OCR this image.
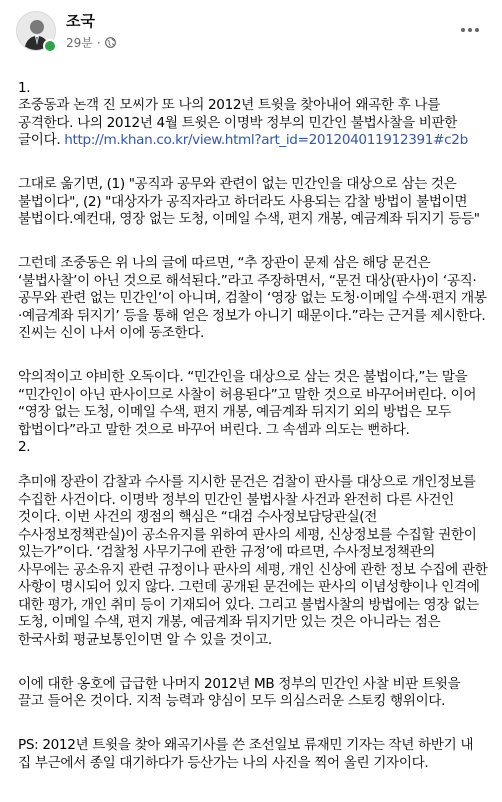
조국
29분 ·

1.
조중동과 논객 진 모씨가 또 나의 2012년 트윗을 찾아내어 왜곡한 후 나를 공격한다. 나의 2012년 4월 트윗은 이명박 정부의 민간인 불법사찰을 비판한 글이다. http://m.khan.co.kr/view.html?art_id=201204011912391#c2b

그대로 옮기면, (1) "공직과 공무와 관련이 없는 민간인을 대상으로 삼는 것은 불법이다", (2) "대상자가 공직자라고 하더라도 사용되는 감찰 방법이 불법이면 불법이다.예컨대, 영장 없는 도청, 이메일 수색, 편지 개봉, 예금계좌 뒤지기 등등"

그런데 조중동은 위 나의 글에 따르면, “추 장관이 문제 삼은 해당 문건은 ‘불법사찰’이 아닌 것으로 해석된다.”라고 주장하면서, “문건 대상(판사)이 ‘공직·공무와 관련 없는 민간인’이 아니며, 검찰이 ‘영장 없는 도청·이메일 수색·편지 개봉·예금계좌 뒤지기’ 등을 통해 얻은 정보가 아니기 때문이다.”라는 근거를 제시한다. 진씨는 신이 나서 이에 동조한다.

악의적이고 야비한 오독이다. “민간인을 대상으로 삼는 것은 불법이다,”는 말을 “민간인이 아닌 판사이므로 사찰이 허용된다”고 말한 것으로 바꾸어버린다. 이어 “영장 없는 도청, 이메일 수색, 편지 개봉, 예금계좌 뒤지기 외의 방법은 모두 합법이다”라고 말한 것으로 바꾸어 버린다. 그 속셈과 의도는 뻔하다.
2.

추미애 장관이 감찰과 수사를 지시한 문건은 검찰이 판사를 대상으로 개인정보를 수집한 사건이다. 이명박 정부의 민간인 불법사찰 사건과 완전히 다른 사건인 것이다. 이번 사건의 쟁점의 핵심은 “대검 수사정보담당관실(전 수사정보정책관실)이 공소유지를 위하여 판사의 세평, 신상정보를 수집할 권한이 있는가”이다. ‘검찰청 사무기구에 관한 규정’에 따르면, 수사정보정책관의 사무에는 공소유지 관련 규정이나 판사의 세평, 개인 신상에 관한 정보 수집에 관한 사항이 명시되어 있지 않다. 그런데 공개된 문건에는 판사의 이념성향이나 인격에 대한 평가, 개인 취미 등이 기재되어 있다. 그리고 불법사찰의 방법에는 영장 없는 도청, 이메일 수색, 편지 개봉, 예금계좌 뒤지기만 있는 것은 아니라는 점은 한국사회 평균보통인이면 알 수 있을 것이고.

이에 대한 옹호에 급급한 나머지 2012년 MB 정부의 민간인 사찰 비판 트윗을 끌고 들어온 것이다. 지적 능력과 양심이 모두 의심스러운 스토킹 행위이다.

PS: 2012년 트윗을 찾아 왜곡기사를 쓴 조선일보 류재민 기자는 작년 하반기 내 집 부근에서 종일 대기하다가 등산가는 나의 사진을 찍어 올린 기자이다.
